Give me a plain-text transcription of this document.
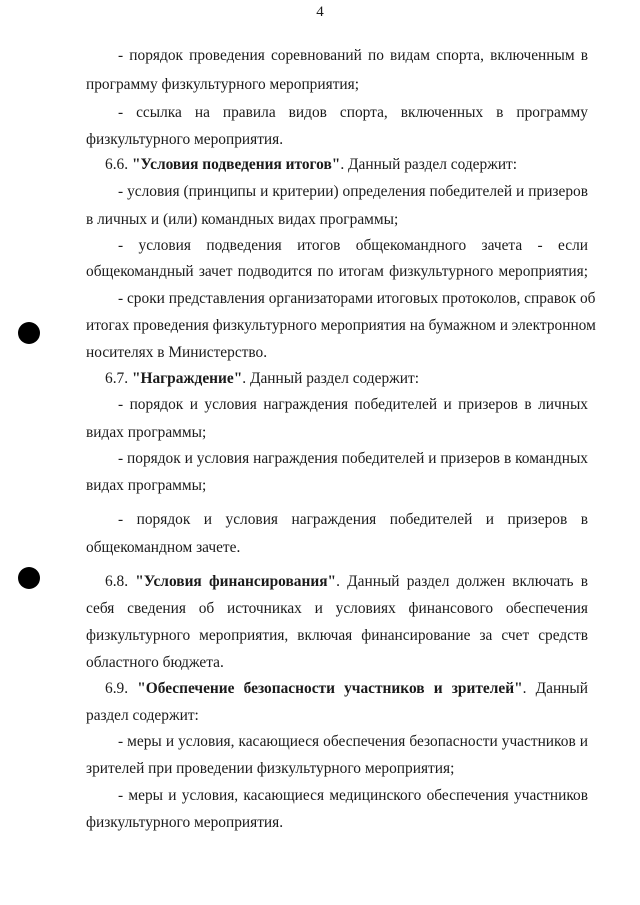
4
- порядок проведения соревнований по видам спорта, включенным в
программу физкультурного мероприятия;
- ссылка на правила видов спорта, включенных в программу
физкультурного мероприятия.
6.6. "Условия подведения итогов". Данный раздел содержит:
- условия (принципы и критерии) определения победителей и призеров
в личных и (или) командных видах программы;
- условия подведения итогов общекомандного зачета - если
общекомандный зачет подводится по итогам физкультурного мероприятия;
- сроки представления организаторами итоговых протоколов, справок об
итогах проведения физкультурного мероприятия на бумажном и электронном
носителях в Министерство.
6.7. "Награждение". Данный раздел содержит:
- порядок и условия награждения победителей и призеров в личных
видах программы;
- порядок и условия награждения победителей и призеров в командных
видах программы;
- порядок и условия награждения победителей и призеров в
общекомандном зачете.
6.8. "Условия финансирования". Данный раздел должен включать в
себя сведения об источниках и условиях финансового обеспечения
физкультурного мероприятия, включая финансирование за счет средств
областного бюджета.
6.9. "Обеспечение безопасности участников и зрителей". Данный
раздел содержит:
- меры и условия, касающиеся обеспечения безопасности участников и
зрителей при проведении физкультурного мероприятия;
- меры и условия, касающиеся медицинского обеспечения участников
физкультурного мероприятия.
